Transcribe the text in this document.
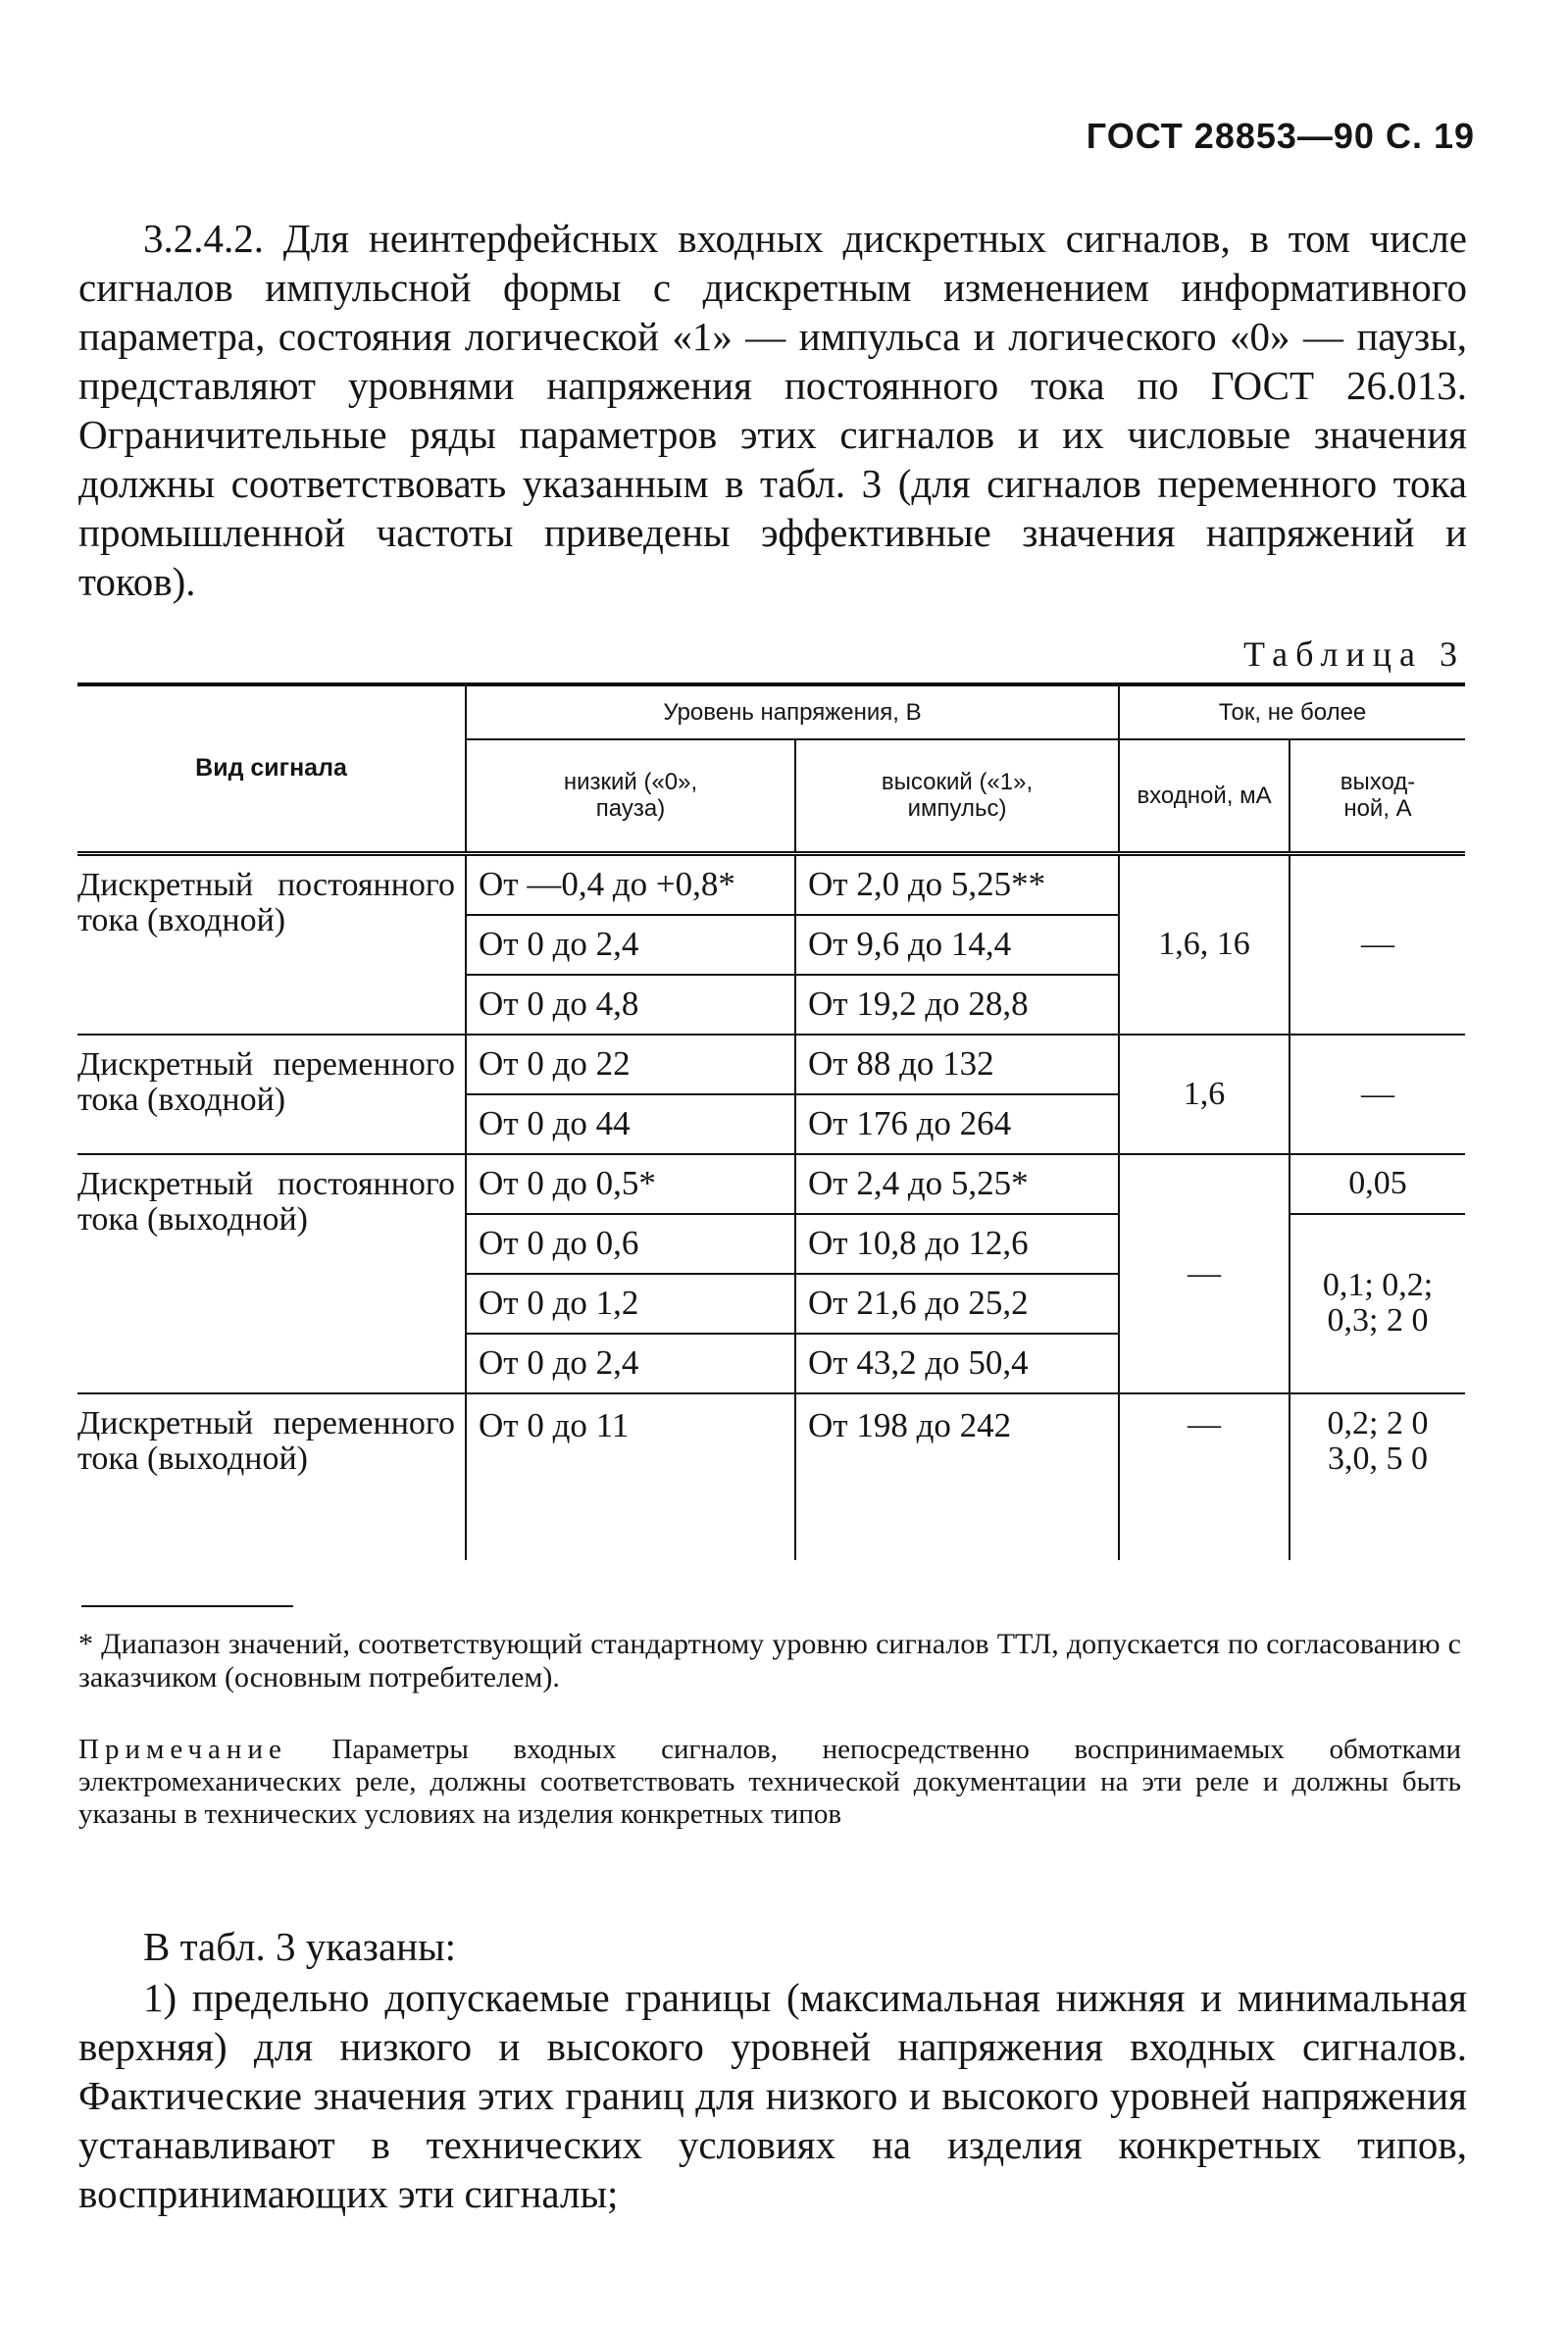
ГОСТ 28853—90 С. 19

3.2.4.2. Для неинтерфейсных входных дискретных сигналов, в том числе сигналов импульсной формы с дискретным изменением информативного параметра, состояния логической «1» — импульса и логического «0» — паузы, представляют уровнями напряжения постоянного тока по ГОСТ 26.013. Ограничительные ряды параметров этих сигналов и их числовые значения должны соответствовать указанным в табл. 3 (для сигналов переменного тока промышленной частоты приведены эффективные значения напряжений и токов).

Таблица 3
Вид сигнала	Уровень напряжения, В		Ток, не более	

	низкий («0», пауза)	высокий («1», импульс)	входной, мА	выход-ной, А

Дискретный постоянного тока (входной)	От —0,4 до +0,8*	От 2,0 до 5,25**	1,6, 16	—
	От 0 до 2,4	От 9,6 до 14,4		
	От 0 до 4,8	От 19,2 до 28,8		
Дискретный переменного тока (входной)	От 0 до 22	От 88 до 132	1,6	—
	От 0 до 44	От 176 до 264		
Дискретный постоянного тока (выходной)	От 0 до 0,5*	От 2,4 до 5,25*	—	0,05
	От 0 до 0,6	От 10,8 до 12,6		0,1; 0,2; 0,3; 2 0

	От 0 до 1,2	От 21,6 до 25,2		
	От 0 до 2,4	От 43,2 до 50,4		
Дискретный переменного тока (выходной)	От 0 до 11	От 198 до 242	—	0,2; 2 0 3,0, 5 0

* Диапазон значений, соответствующий стандартному уровню сигналов ТТЛ, допускается по согласованию с заказчиком (основным потребителем).

Примечание Параметры входных сигналов, непосредственно воспринимаемых обмотками электромеханических реле, должны соответствовать технической документации на эти реле и должны быть указаны в технических условиях на изделия конкретных типов

В табл. 3 указаны:

1) предельно допускаемые границы (максимальная нижняя и минимальная верхняя) для низкого и высокого уровней напряжения входных сигналов. Фактические значения этих границ для низкого и высокого уровней напряжения устанавливают в технических условиях на изделия конкретных типов, воспринимающих эти сигналы;
